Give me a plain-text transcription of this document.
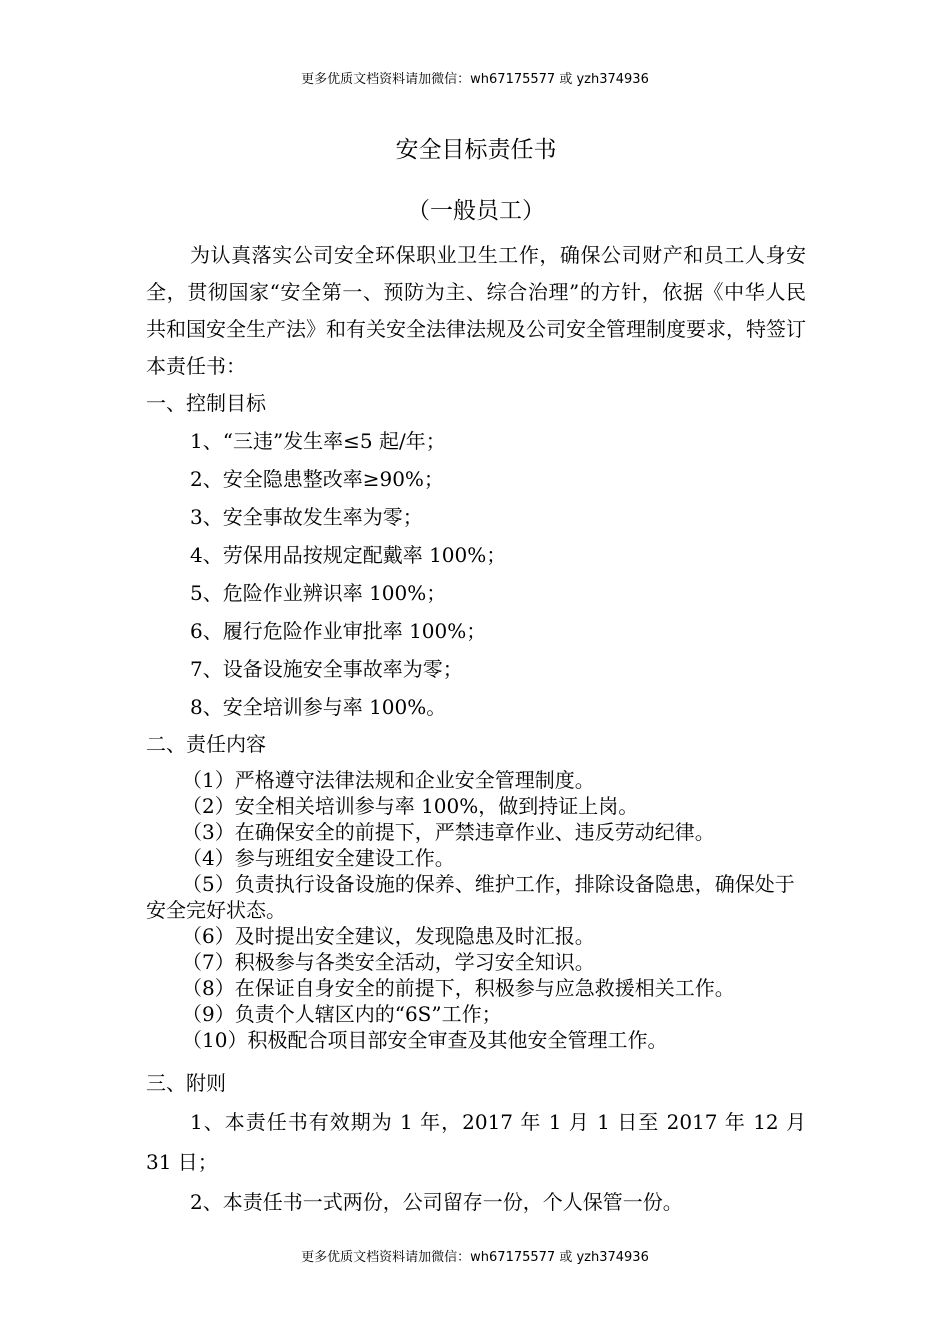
更多优质文档资料请加微信：wh67175577 或 yzh374936

安全目标责任书

（一般员工）

为认真落实公司安全环保职业卫生工作，确保公司财产和员工人身安全，贯彻国家“安全第一、预防为主、综合治理”的方针，依据《中华人民共和国安全生产法》和有关安全法律法规及公司安全管理制度要求，特签订本责任书：

一、控制目标

1、“三违”发生率≤5 起/年；

2、安全隐患整改率≥90%；

3、安全事故发生率为零；

4、劳保用品按规定配戴率 100%；

5、危险作业辨识率 100%；

6、履行危险作业审批率 100%；

7、设备设施安全事故率为零；

8、安全培训参与率 100%。

二、责任内容

（1）严格遵守法律法规和企业安全管理制度。

（2）安全相关培训参与率 100%，做到持证上岗。

（3）在确保安全的前提下，严禁违章作业、违反劳动纪律。

（4）参与班组安全建设工作。

（5）负责执行设备设施的保养、维护工作，排除设备隐患，确保处于安全完好状态。

（6）及时提出安全建议，发现隐患及时汇报。

（7）积极参与各类安全活动，学习安全知识。

（8）在保证自身安全的前提下，积极参与应急救援相关工作。

（9）负责个人辖区内的“6S”工作；

（10）积极配合项目部安全审查及其他安全管理工作。

三、附则

1、本责任书有效期为 1 年，2017 年 1 月 1 日至 2017 年 12 月 31 日；

2、本责任书一式两份，公司留存一份，个人保管一份。

更多优质文档资料请加微信：wh67175577 或 yzh374936
